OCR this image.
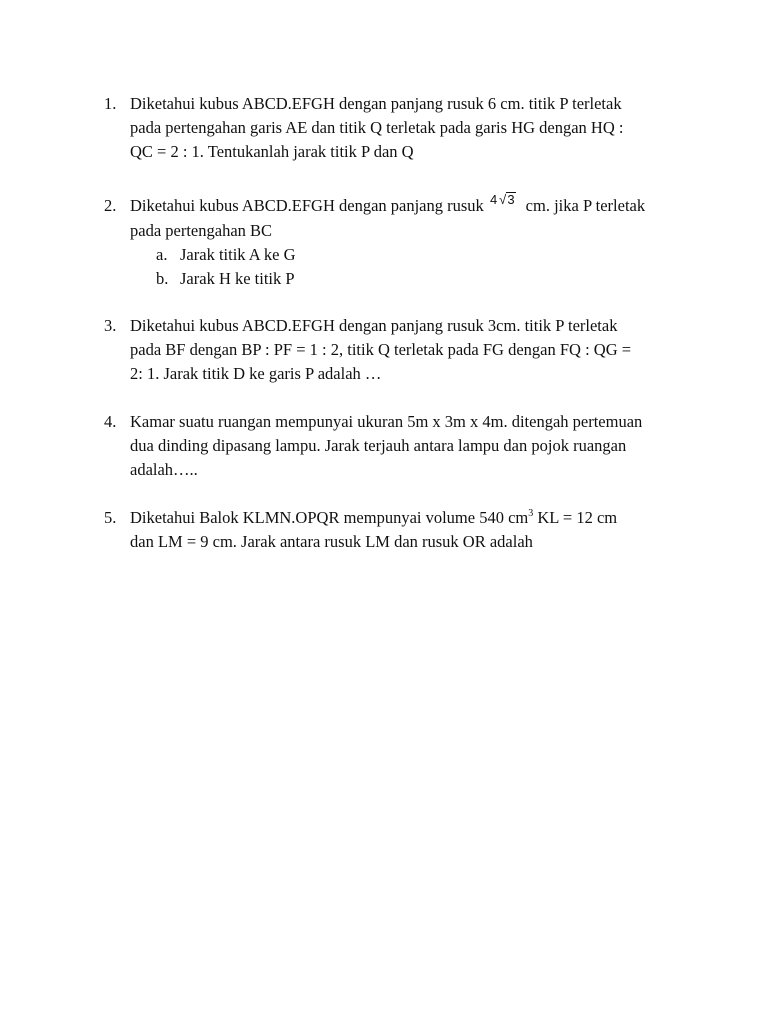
1. Diketahui kubus ABCD.EFGH dengan panjang rusuk 6 cm. titik P terletak
pada pertengahan garis AE dan titik Q terletak pada garis HG dengan HQ :
QC = 2 : 1. Tentukanlah jarak titik P dan Q
2. Diketahui kubus ABCD.EFGH dengan panjang rusuk 4 √3 cm. jika P terletak
pada pertengahan BC
a. Jarak titik A ke G
b. Jarak H ke titik P
3. Diketahui kubus ABCD.EFGH dengan panjang rusuk 3cm. titik P terletak
pada BF dengan BP : PF = 1 : 2, titik Q terletak pada FG dengan FQ : QG =
2: 1. Jarak titik D ke garis P adalah …
4. Kamar suatu ruangan mempunyai ukuran 5m x 3m x 4m. ditengah pertemuan
dua dinding dipasang lampu. Jarak terjauh antara lampu dan pojok ruangan
adalah…..
5. Diketahui Balok KLMN.OPQR mempunyai volume 540 $cm^3$ KL = 12 cm
dan LM = 9 cm. Jarak antara rusuk LM dan rusuk OR adalah
